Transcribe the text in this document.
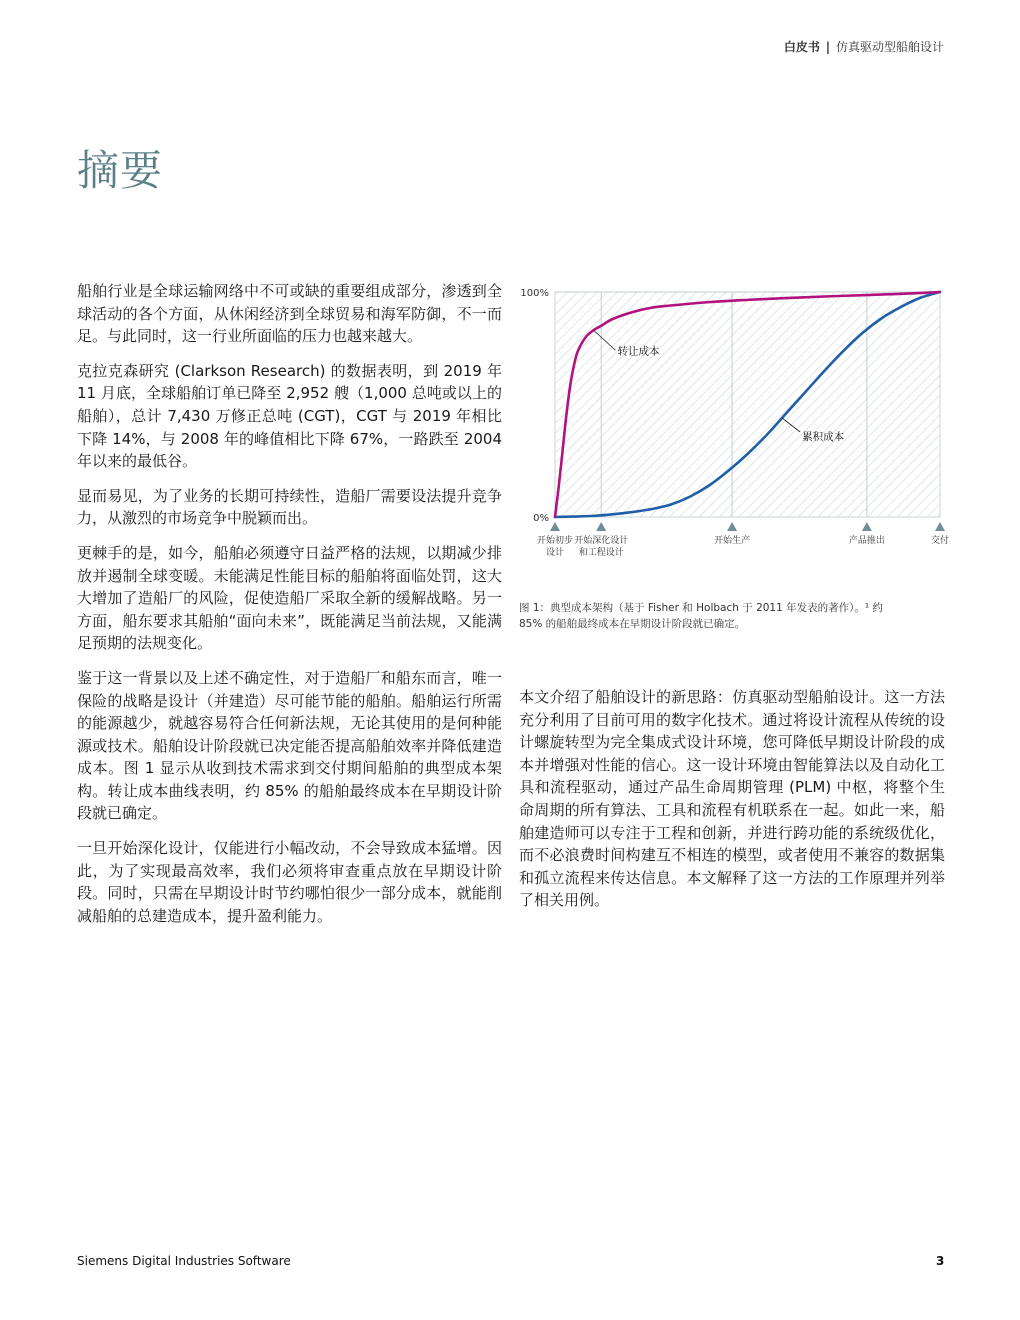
白皮书 | 仿真驱动型船舶设计
摘要

船舶行业是全球运输网络中不可或缺的重要组成部分，渗透到全球活动的各个方面，从休闲经济到全球贸易和海军防御，不一而足。与此同时，这一行业所面临的压力也越来越大。

克拉克森研究 (Clarkson Research) 的数据表明，到 2019 年 11 月底，全球船舶订单已降至 2,952 艘（1,000 总吨或以上的船舶），总计 7,430 万修正总吨 (CGT)，CGT 与 2019 年相比下降 14%，与 2008 年的峰值相比下降 67%，一路跌至 2004 年以来的最低谷。

显而易见，为了业务的长期可持续性，造船厂需要设法提升竞争力，从激烈的市场竞争中脱颖而出。

更棘手的是，如今，船舶必须遵守日益严格的法规，以期减少排放并遏制全球变暖。未能满足性能目标的船舶将面临处罚，这大大增加了造船厂的风险，促使造船厂采取全新的缓解战略。另一方面，船东要求其船舶“面向未来”，既能满足当前法规，又能满足预期的法规变化。

鉴于这一背景以及上述不确定性，对于造船厂和船东而言，唯一保险的战略是设计（并建造）尽可能节能的船舶。船舶运行所需的能源越少，就越容易符合任何新法规，无论其使用的是何种能源或技术。船舶设计阶段就已决定能否提高船舶效率并降低建造成本。图 1 显示从收到技术需求到交付期间船舶的典型成本架构。转让成本曲线表明，约 85% 的船舶最终成本在早期设计阶段就已确定。

一旦开始深化设计，仅能进行小幅改动，不会导致成本猛增。因此，为了实现最高效率，我们必须将审查重点放在早期设计阶段。同时，只需在早期设计时节约哪怕很少一部分成本，就能削减船舶的总建造成本，提升盈利能力。

100%
0%
转让成本
累积成本
开始初步
设计
开始深化设计
和工程设计
开始生产	产品推出	交付
图 1：典型成本架构（基于 Fisher 和 Holbach 于 2011 年发表的著作）。¹ 约
85% 的船舶最终成本在早期设计阶段就已确定。

本文介绍了船舶设计的新思路：仿真驱动型船舶设计。这一方法充分利用了目前可用的数字化技术。通过将设计流程从传统的设计螺旋转型为完全集成式设计环境，您可降低早期设计阶段的成本并增强对性能的信心。这一设计环境由智能算法以及自动化工具和流程驱动，通过产品生命周期管理 (PLM) 中枢，将整个生命周期的所有算法、工具和流程有机联系在一起。如此一来，船舶建造师可以专注于工程和创新，并进行跨功能的系统级优化，而不必浪费时间构建互不相连的模型，或者使用不兼容的数据集和孤立流程来传达信息。本文解释了这一方法的工作原理并列举了相关用例。

Siemens Digital Industries Software	3
